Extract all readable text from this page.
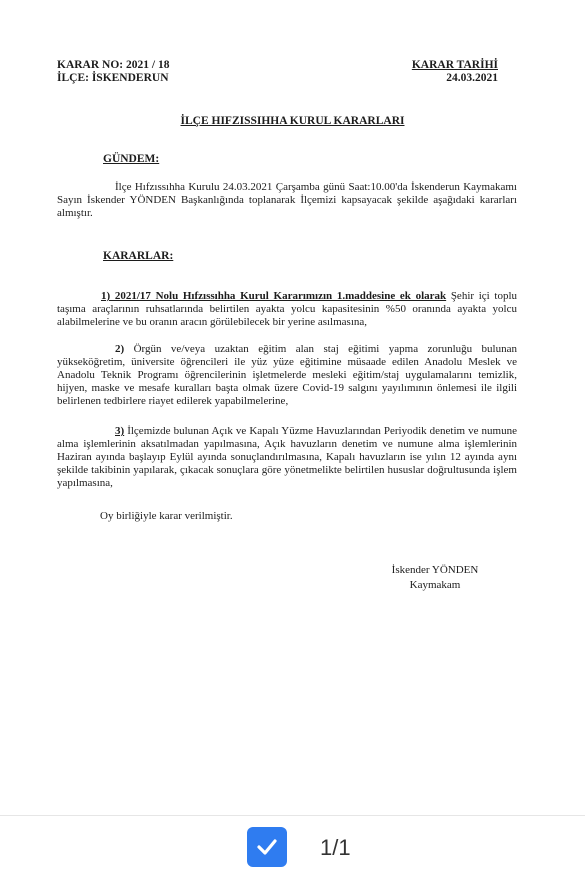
KARAR NO: 2021 / 18
İLÇE: İSKENDERUN
KARAR TARİHİ
24.03.2021
İLÇE HIFZISSIHHA KURUL KARARLARI
GÜNDEM:
İlçe Hıfzıssıhha Kurulu 24.03.2021 Çarşamba günü Saat:10.00'da İskenderun Kaymakamı Sayın İskender YÖNDEN Başkanlığında toplanarak İlçemizi kapsayacak şekilde aşağıdaki kararları almıştır.
KARARLAR:
1) 2021/17 Nolu Hıfzıssıhha Kurul Kararımızın 1.maddesine ek olarak Şehir içi toplu taşıma araçlarının ruhsatlarında belirtilen ayakta yolcu kapasitesinin %50 oranında ayakta yolcu alabilmelerine ve bu oranın aracın görülebilecek bir yerine asılmasına,
2) Örgün ve/veya uzaktan eğitim alan staj eğitimi yapma zorunluğu bulunan yükseköğretim, üniversite öğrencileri ile yüz yüze eğitimine müsaade edilen Anadolu Meslek ve Anadolu Teknik Programı öğrencilerinin işletmelerde mesleki eğitim/staj uygulamalarını temizlik, hijyen, maske ve mesafe kuralları başta olmak üzere Covid-19 salgını yayılımının önlemesi ile ilgili belirlenen tedbirlere riayet edilerek yapabilmelerine,
3) İlçemizde bulunan Açık ve Kapalı Yüzme Havuzlarından Periyodik denetim ve numune alma işlemlerinin aksatılmadan yapılmasına, Açık havuzların denetim ve numune alma işlemlerinin Haziran ayında başlayıp Eylül ayında sonuçlandırılmasına, Kapalı havuzların ise yılın 12 ayında aynı şekilde takibinin yapılarak, çıkacak sonuçlara göre yönetmelikte belirtilen hususlar doğrultusunda işlem yapılmasına,
Oy birliğiyle karar verilmiştir.
İskender YÖNDEN
Kaymakam
1/1
